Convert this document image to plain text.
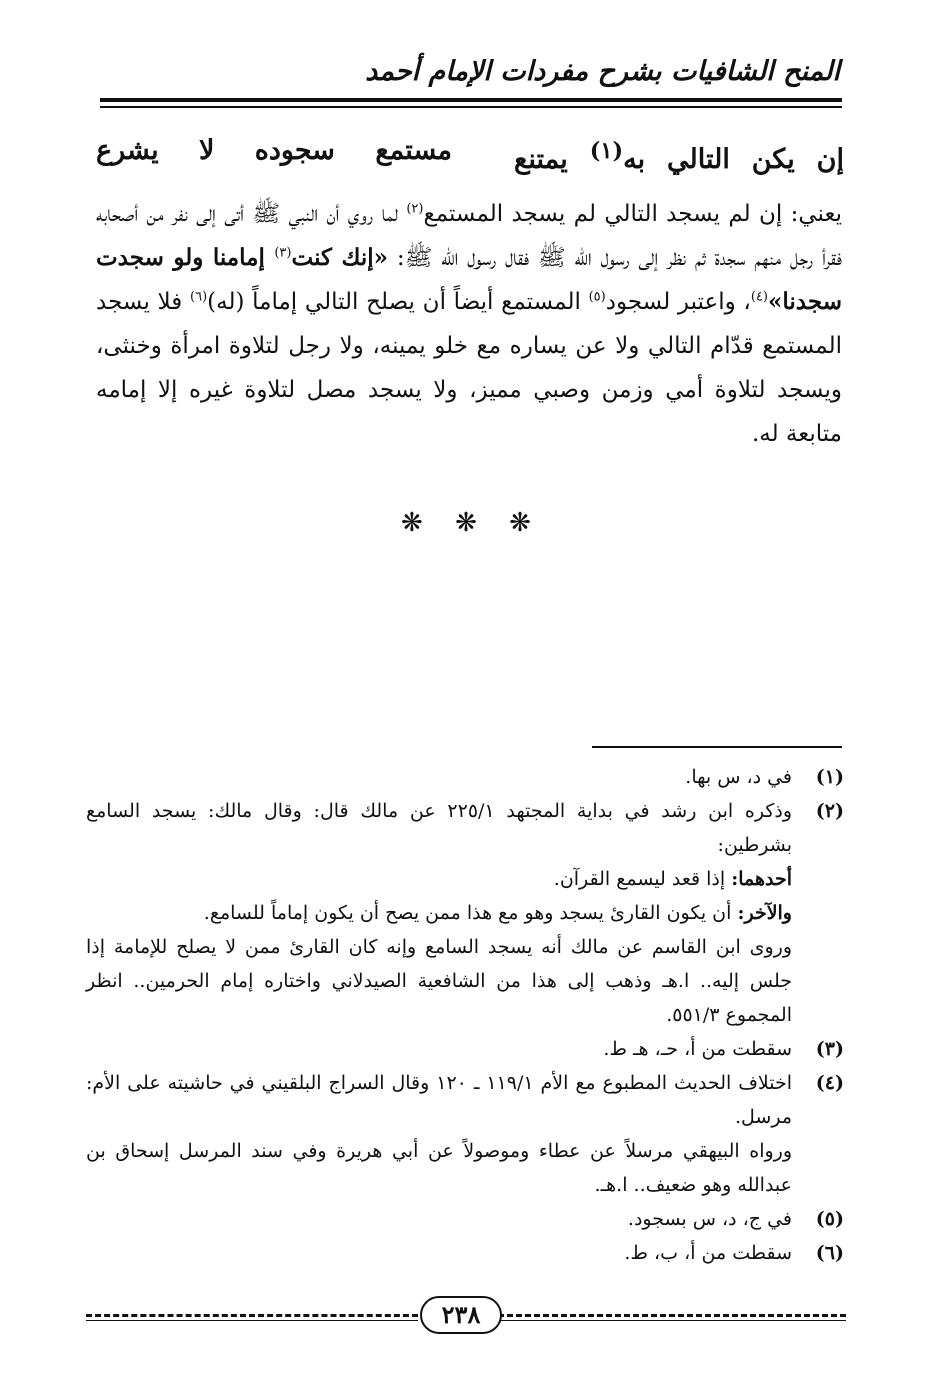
المنح الشافيات بشرح مفردات الإمام أحمد
إن يكن التالي به$^{(١)}$ يمتنع
مستمع سجوده لا يشرع
يعني: إن لم يسجد التالي لم يسجد المستمع$^{(٢)}$ لما روي أن النبي ﷺ أتى إلى نفر من أصحابه فقرأ رجل منهم سجدة ثم نظر إلى رسول الله ﷺ فقال رسول الله ﷺ: «إنك كنت$^{(٣)}$ إمامنا ولو سجدت سجدنا»$^{(٤)}$، واعتبر لسجود$^{(٥)}$ المستمع أيضاً أن يصلح التالي إماماً (له)$^{(٦)}$ فلا يسجد المستمع قدّام التالي ولا عن يساره مع خلو يمينه، ولا رجل لتلاوة امرأة وخنثى، ويسجد لتلاوة أمي وزمن وصبي مميز، ولا يسجد مصل لتلاوة غيره إلا إمامه متابعة له.
❋ ❋ ❋
(١)
في د، س بها.
(٢)
وذكره ابن رشد في بداية المجتهد ٢٢٥/١ عن مالك قال: وقال مالك: يسجد السامع بشرطين:
أحدهما: إذا قعد ليسمع القرآن.
والآخر: أن يكون القارئ يسجد وهو مع هذا ممن يصح أن يكون إماماً للسامع.
وروى ابن القاسم عن مالك أنه يسجد السامع وإنه كان القارئ ممن لا يصلح للإمامة إذا جلس إليه.. ا.هـ وذهب إلى هذا من الشافعية الصيدلاني واختاره إمام الحرمين.. انظر المجموع ٥٥١/٣.
(٣)
سقطت من أ، حـ، هـ ط.
(٤)
اختلاف الحديث المطبوع مع الأم ١١٩/١ ـ ١٢٠ وقال السراج البلقيني في حاشيته على الأم: مرسل.
ورواه البيهقي مرسلاً عن عطاء وموصولاً عن أبي هريرة وفي سند المرسل إسحاق بن عبدالله وهو ضعيف.. ا.هـ.
(٥)
في ج، د، س بسجود.
(٦)
سقطت من أ، ب، ط.
٢٣٨
